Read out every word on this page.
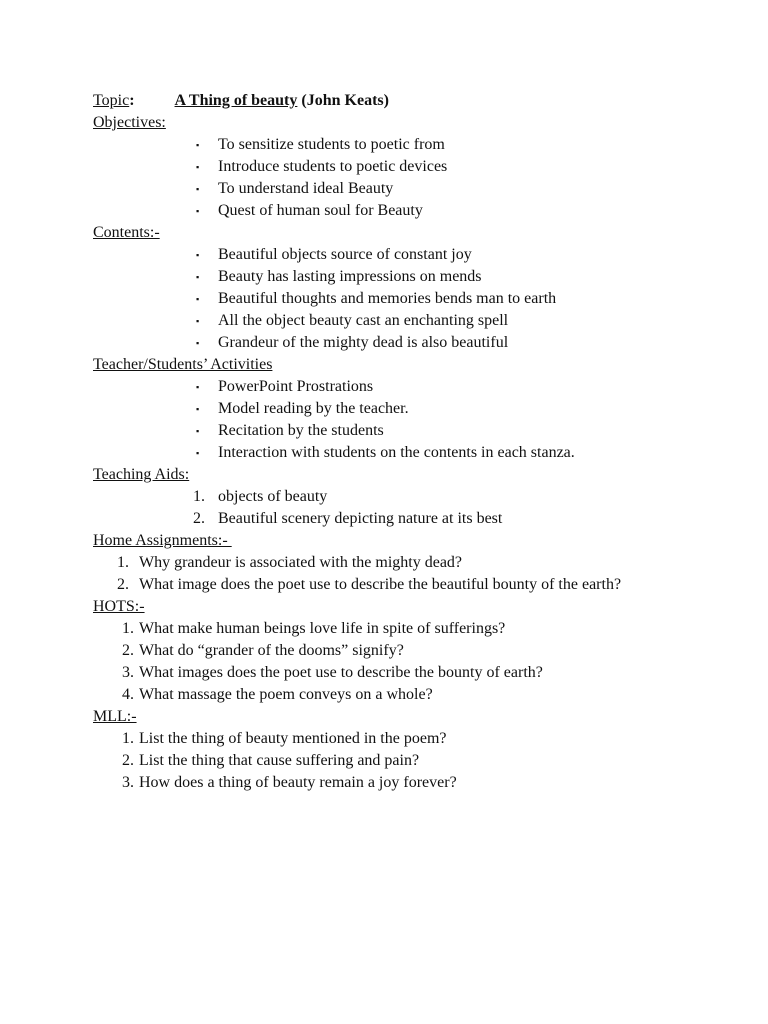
Topic:	A Thing of beauty (John Keats)
Objectives:
▪ To sensitize students to poetic from
▪ Introduce students to poetic devices
▪ To understand ideal Beauty
▪ Quest of human soul for Beauty
Contents:-
▪ Beautiful objects source of constant joy
▪ Beauty has lasting impressions on mends
▪ Beautiful thoughts and memories bends man to earth
▪ All the object beauty cast an enchanting spell
▪ Grandeur of the mighty dead is also beautiful
Teacher/Students’ Activities
▪ PowerPoint Prostrations
▪ Model reading by the teacher.
▪ Recitation by the students
▪ Interaction with students on the contents in each stanza.
Teaching Aids:
1. objects of beauty
2. Beautiful scenery depicting nature at its best
Home Assignments:-
1. Why grandeur is associated with the mighty dead?
2. What image does the poet use to describe the beautiful bounty of the earth?
HOTS:-
1. What make human beings love life in spite of sufferings?
2. What do “grander of the dooms” signify?
3. What images does the poet use to describe the bounty of earth?
4. What massage the poem conveys on a whole?
MLL:-
1. List the thing of beauty mentioned in the poem?
2. List the thing that cause suffering and pain?
3. How does a thing of beauty remain a joy forever?
